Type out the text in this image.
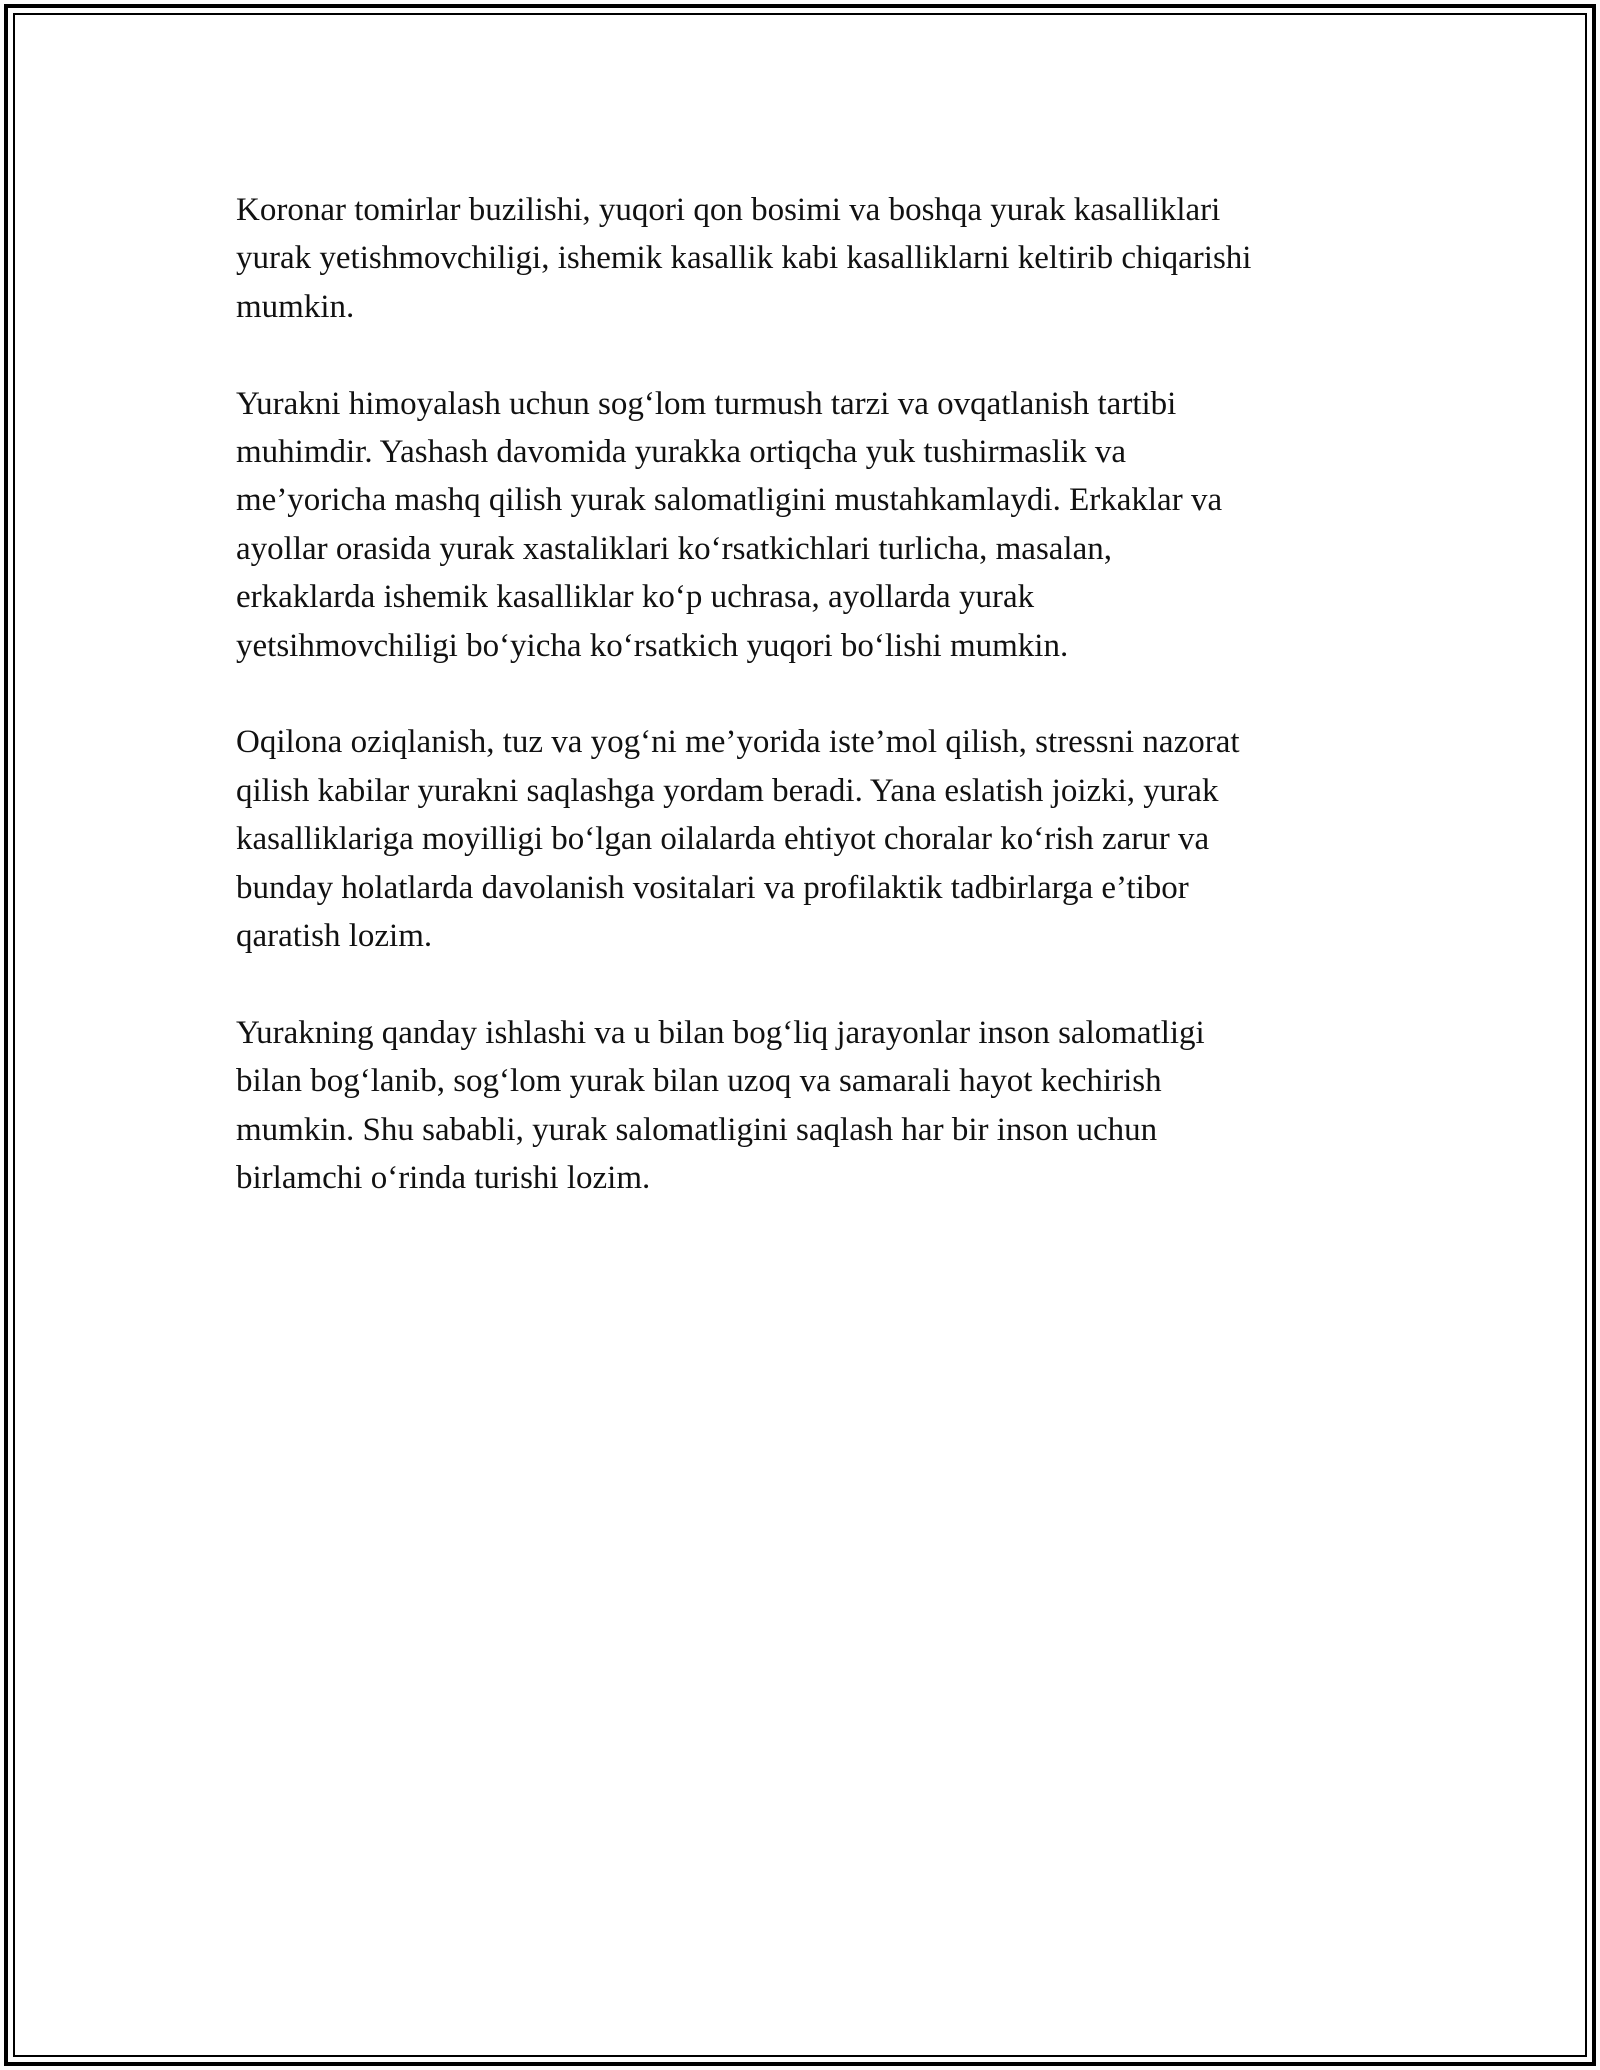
Koronar tomirlar buzilishi, yuqori qon bosimi va boshqa yurak kasalliklari
yurak yetishmovchiligi, ishemik kasallik kabi kasalliklarni keltirib chiqarishi
mumkin.

Yurakni himoyalash uchun sog‘lom turmush tarzi va ovqatlanish tartibi
muhimdir. Yashash davomida yurakka ortiqcha yuk tushirmaslik va
me’yoricha mashq qilish yurak salomatligini mustahkamlaydi. Erkaklar va
ayollar orasida yurak xastaliklari ko‘rsatkichlari turlicha, masalan,
erkaklarda ishemik kasalliklar ko‘p uchrasa, ayollarda yurak
yetsihmovchiligi bo‘yicha ko‘rsatkich yuqori bo‘lishi mumkin.

Oqilona oziqlanish, tuz va yog‘ni me’yorida iste’mol qilish, stressni nazorat
qilish kabilar yurakni saqlashga yordam beradi. Yana eslatish joizki, yurak
kasalliklariga moyilligi bo‘lgan oilalarda ehtiyot choralar ko‘rish zarur va
bunday holatlarda davolanish vositalari va profilaktik tadbirlarga e’tibor
qaratish lozim.

Yurakning qanday ishlashi va u bilan bog‘liq jarayonlar inson salomatligi
bilan bog‘lanib, sog‘lom yurak bilan uzoq va samarali hayot kechirish
mumkin. Shu sababli, yurak salomatligini saqlash har bir inson uchun
birlamchi o‘rinda turishi lozim.
